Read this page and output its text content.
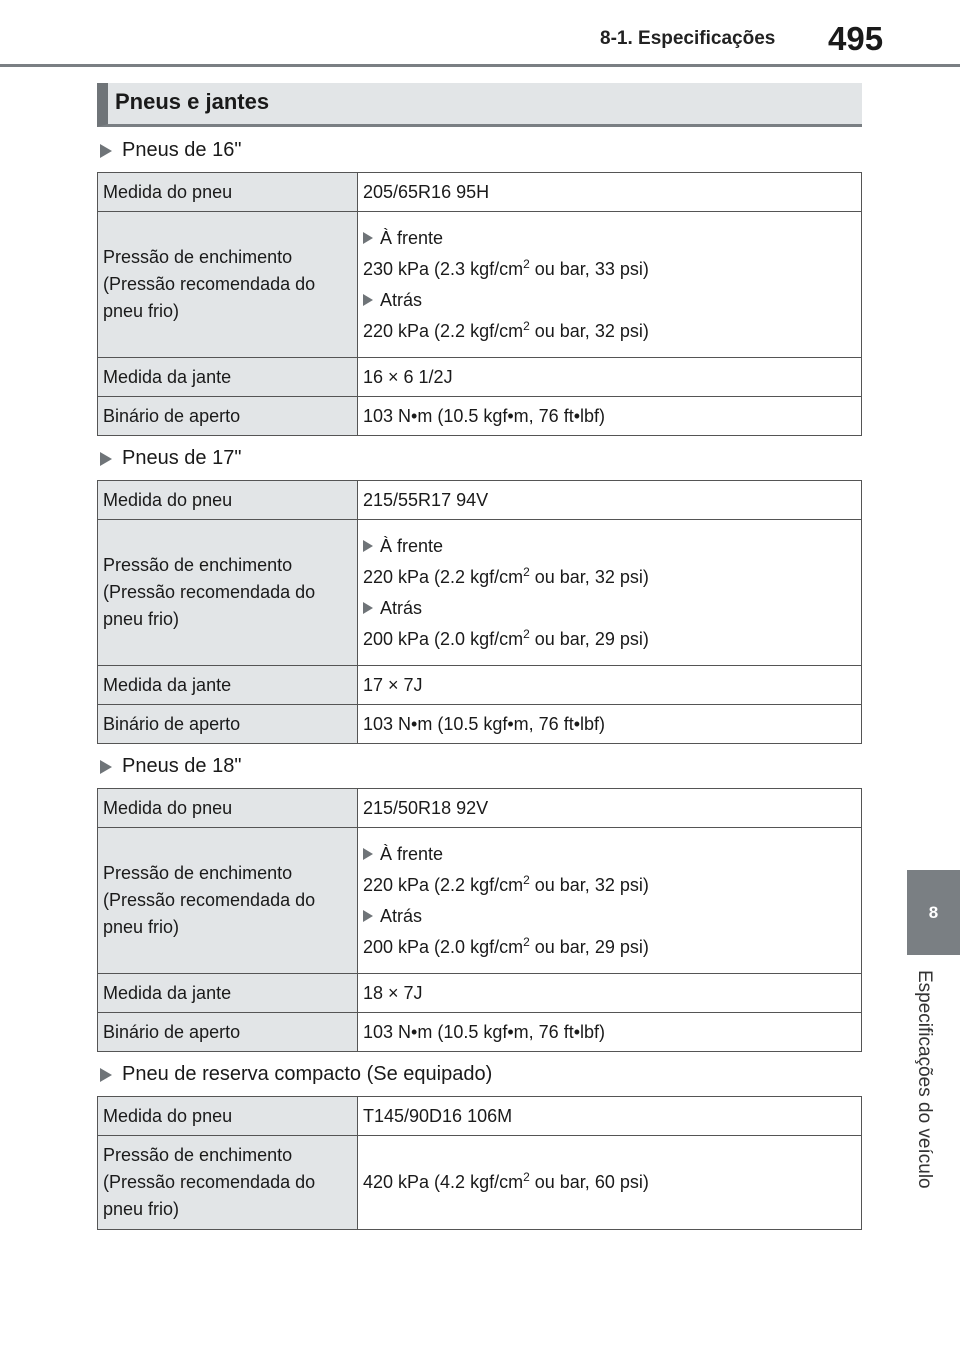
8-1. Especificações 495
8
Especificações do veículo
Pneus e jantes
Pneus de 16"
Medida do pneu	205/65R16 95H
Pressão de enchimento (Pressão recomendada do pneu frio)	À frente
230 kPa (2.3 kgf/$cm^2$ ou bar, 33 psi)
Atrás
220 kPa (2.2 kgf/$cm^2$ ou bar, 32 psi)

Medida da jante	16 × 6 1/2J
Binário de aperto	103 N•m (10.5 kgf•m, 76 ft•lbf)
Pneus de 17"
Medida do pneu	215/55R17 94V
Pressão de enchimento (Pressão recomendada do pneu frio)	À frente
220 kPa (2.2 kgf/$cm^2$ ou bar, 32 psi)
Atrás
200 kPa (2.0 kgf/$cm^2$ ou bar, 29 psi)

Medida da jante	17 × 7J
Binário de aperto	103 N•m (10.5 kgf•m, 76 ft•lbf)
Pneus de 18"
Medida do pneu	215/50R18 92V
Pressão de enchimento (Pressão recomendada do pneu frio)	À frente
220 kPa (2.2 kgf/$cm^2$ ou bar, 32 psi)
Atrás
200 kPa (2.0 kgf/$cm^2$ ou bar, 29 psi)

Medida da jante	18 × 7J
Binário de aperto	103 N•m (10.5 kgf•m, 76 ft•lbf)
Pneu de reserva compacto (Se equipado)
Medida do pneu	T145/90D16 106M
Pressão de enchimento (Pressão recomendada do pneu frio)	420 kPa (4.2 kgf/$cm^2$ ou bar, 60 psi)
